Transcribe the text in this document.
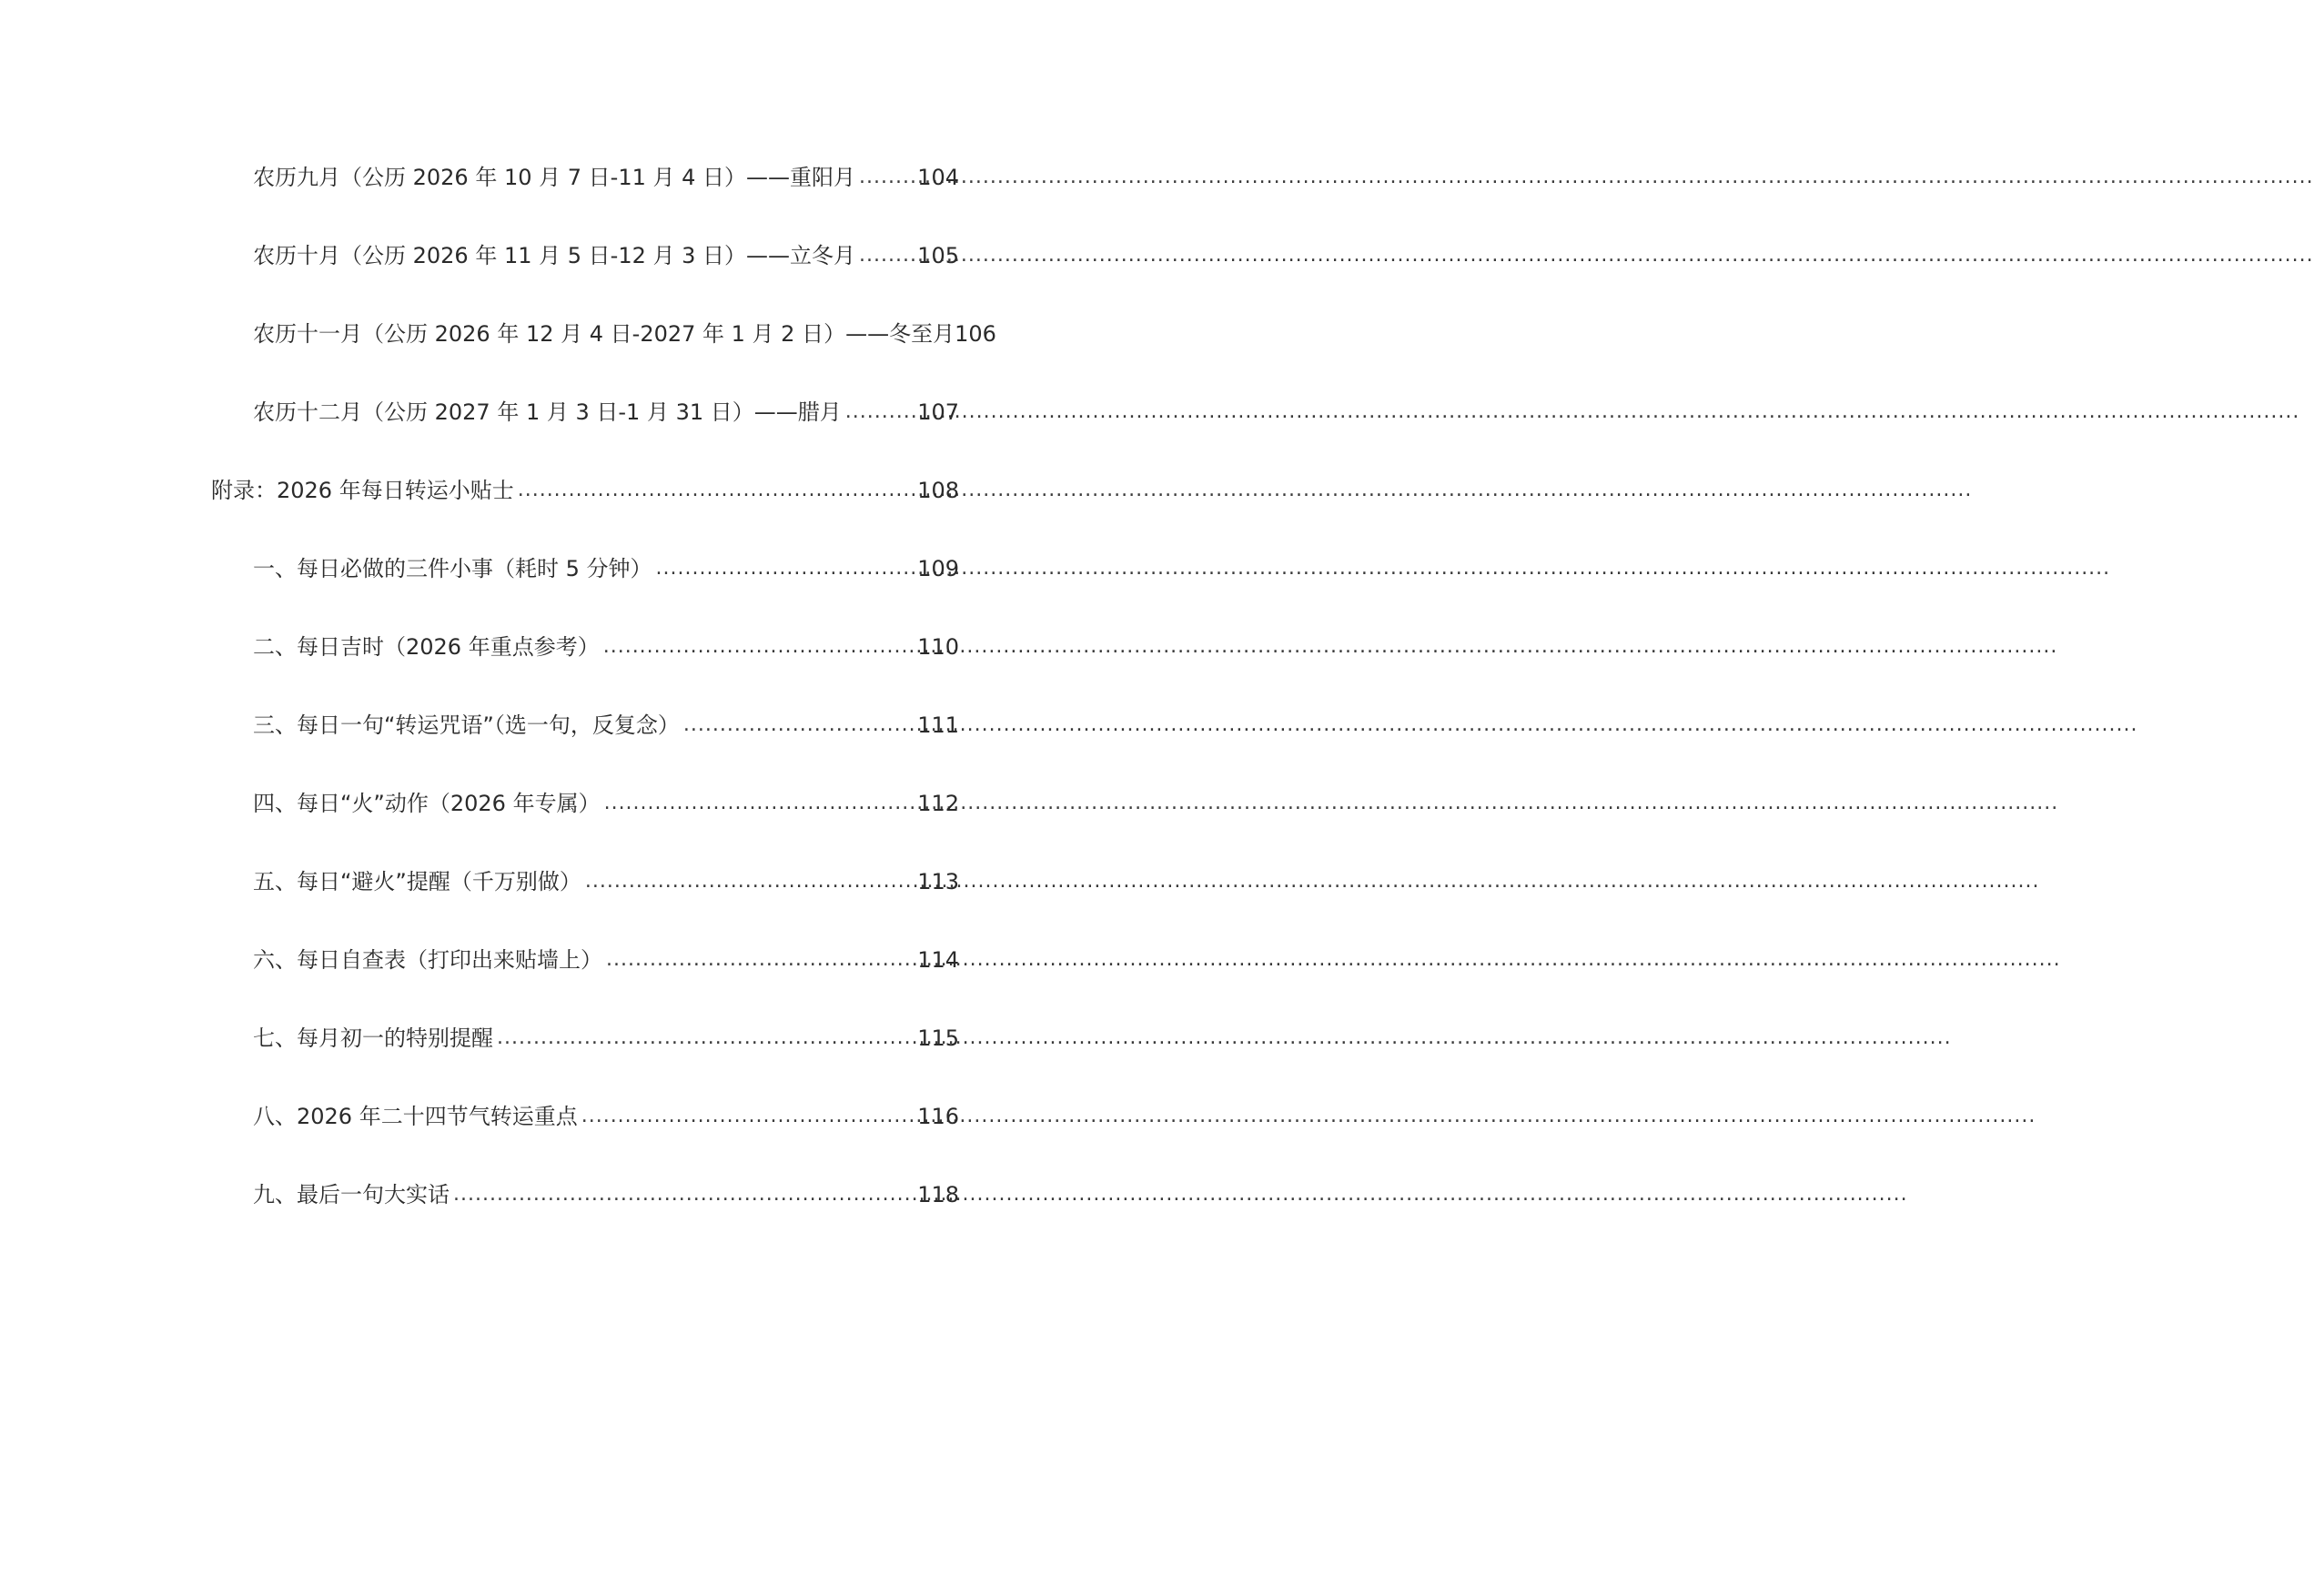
农历九月（公历 2026 年 10 月 7 日-11 月 4 日）——重阳月 .....	104
农历十月（公历 2026 年 11 月 5 日-12 月 3 日）——立冬月 .....	105
农历十一月（公历 2026 年 12 月 4 日-2027 年 1 月 2 日）——冬至月 106
农历十二月（公历 2027 年 1 月 3 日-1 月 31 日）——腊月 .....	107
附录：2026 年每日转运小贴士 .....	108
一、每日必做的三件小事（耗时 5 分钟） .....	109
二、每日吉时（2026 年重点参考） .....	110
三、每日一句“转运咒语”（选一句，反复念） .....	111
四、每日“火”动作（2026 年专属） .....	112
五、每日“避火”提醒（千万别做） .....	113
六、每日自查表（打印出来贴墙上） .....	114
七、每月初一的特别提醒 .....	115
八、2026 年二十四节气转运重点 .....	116
九、最后一句大实话 .....	118
